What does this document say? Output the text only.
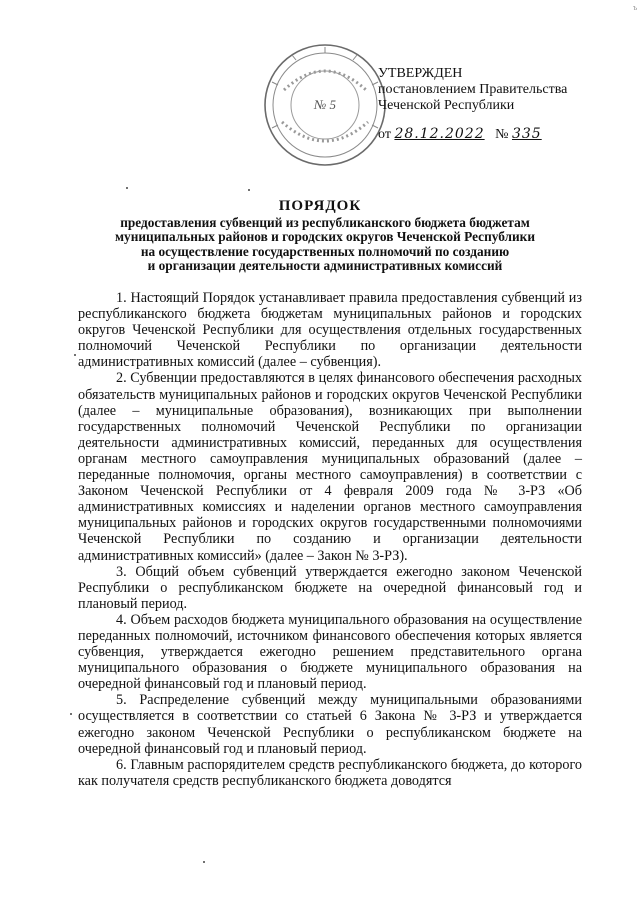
№ 5
УТВЕРЖДЕН
постановлением Правительства
Чеченской Республики
от 28.12.2022 № 335
ПОРЯДОК
предоставления субвенций из республиканского бюджета бюджетам
муниципальных районов и городских округов Чеченской Республики
на осуществление государственных полномочий по созданию
и организации деятельности административных комиссий

1. Настоящий Порядок устанавливает правила предоставления субвенций из республиканского бюджета бюджетам муниципальных районов и городских округов Чеченской Республики для осуществления отдельных государственных полномочий Чеченской Республики по организации деятельности административных комиссий (далее – субвенция).

2. Субвенции предоставляются в целях финансового обеспечения расходных обязательств муниципальных районов и городских округов Чеченской Республики (далее – муниципальные образования), возникающих при выполнении государственных полномочий Чеченской Республики по организации деятельности административных комиссий, переданных для осуществления органам местного самоуправления муниципальных образований (далее – переданные полномочия, органы местного самоуправления) в соответствии с Законом Чеченской Республики от 4 февраля 2009 года № 3-РЗ «Об административных комиссиях и наделении органов местного самоуправления муниципальных районов и городских округов государственными полномочиями Чеченской Республики по созданию и организации деятельности административных комиссий» (далее – Закон № 3-РЗ).

3. Общий объем субвенций утверждается ежегодно законом Чеченской Республики о республиканском бюджете на очередной финансовый год и плановый период.

4. Объем расходов бюджета муниципального образования на осуществление переданных полномочий, источником финансового обеспечения которых является субвенция, утверждается ежегодно решением представительного органа муниципального образования о бюджете муниципального образования на очередной финансовый год и плановый период.

5. Распределение субвенций между муниципальными образованиями осуществляется в соответствии со статьей 6 Закона № 3-РЗ и утверждается ежегодно законом Чеченской Республики о республиканском бюджете на очередной финансовый год и плановый период.

6. Главным распорядителем средств республиканского бюджета, до которого как получателя средств республиканского бюджета доводятся

ъ
